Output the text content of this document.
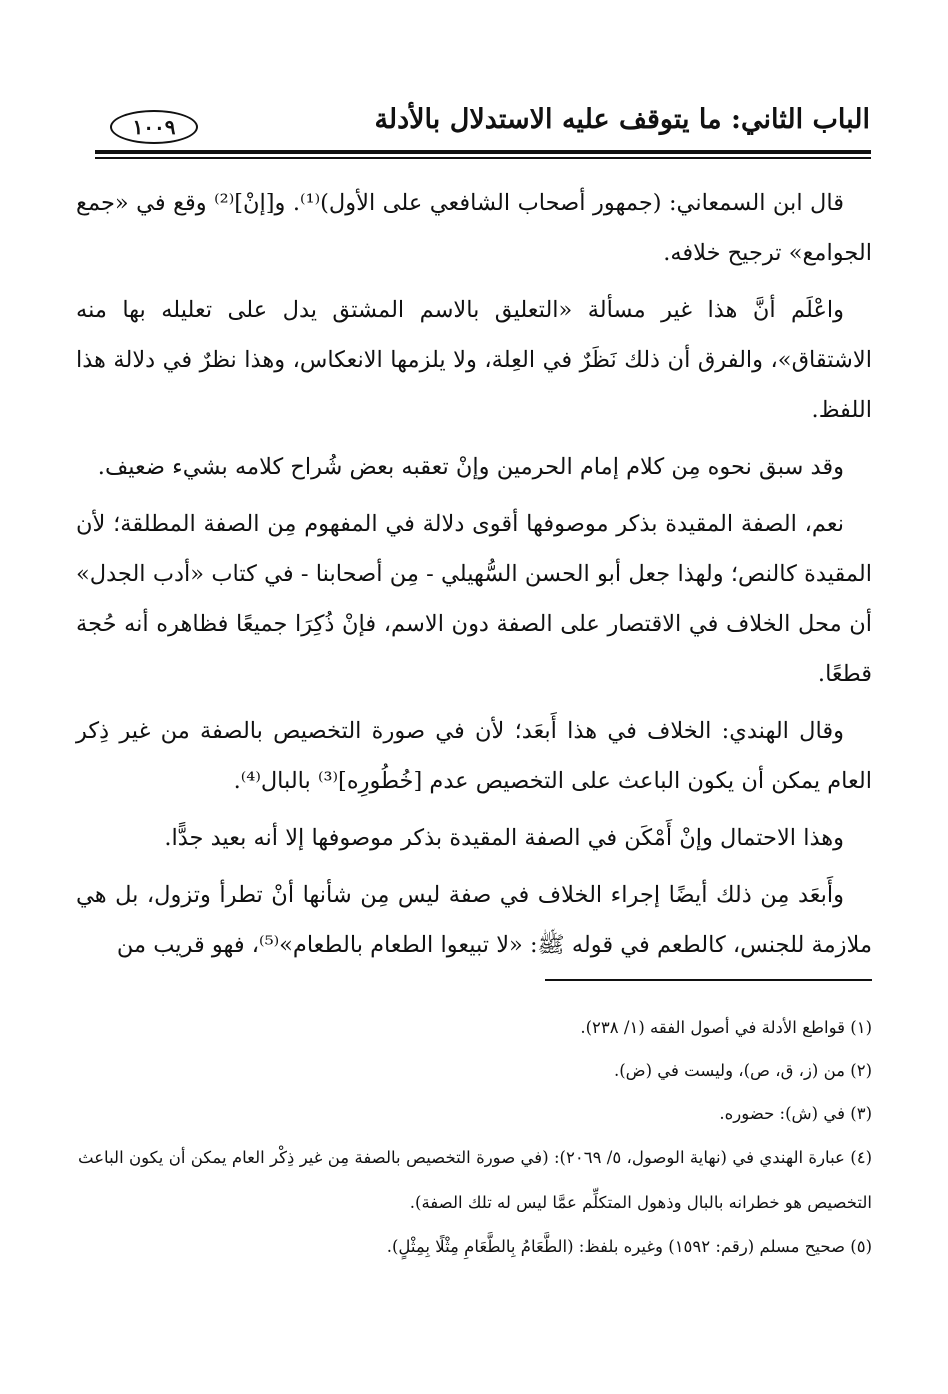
الباب الثاني: ما يتوقف عليه الاستدلال بالأدلة
١٠٠٩

قال ابن السمعاني: (جمهور أصحاب الشافعي على الأول)⁽¹⁾. و[إنْ]⁽²⁾ وقع في «جمع الجوامع» ترجيح خلافه.

واعْلَم أنَّ هذا غير مسألة «التعليق بالاسم المشتق يدل على تعليله بها منه الاشتقاق»، والفرق أن ذلك نَظَرٌ في العِلة، ولا يلزمها الانعكاس، وهذا نظرٌ في دلالة هذا اللفظ.

وقد سبق نحوه مِن كلام إمام الحرمين وإنْ تعقبه بعض شُراح كلامه بشيء ضعيف.

نعم، الصفة المقيدة بذكر موصوفها أقوى دلالة في المفهوم مِن الصفة المطلقة؛ لأن المقيدة كالنص؛ ولهذا جعل أبو الحسن السُّهيلي - مِن أصحابنا - في كتاب «أدب الجدل» أن محل الخلاف في الاقتصار على الصفة دون الاسم، فإنْ ذُكِرَا جميعًا فظاهره أنه حُجة قطعًا.

وقال الهندي: الخلاف في هذا أَبعَد؛ لأن في صورة التخصيص بالصفة من غير ذِكر العام يمكن أن يكون الباعث على التخصيص عدم [خُطُورِه]⁽³⁾ بالبال⁽⁴⁾.

وهذا الاحتمال وإنْ أَمْكَن في الصفة المقيدة بذكر موصوفها إلا أنه بعيد جدًّا.

وأَبعَد مِن ذلك أيضًا إجراء الخلاف في صفة ليس مِن شأنها أنْ تطرأ وتزول، بل هي ملازمة للجنس، كالطعم في قوله ﷺ: «لا تبيعوا الطعام بالطعام»⁽⁵⁾، فهو قريب من

(١) قواطع الأدلة في أصول الفقه (١/ ٢٣٨).

(٢) من (ز، ق، ص)، وليست في (ض).

(٣) في (ش): حضوره.

(٤) عبارة الهندي في (نهاية الوصول، ٥/ ٢٠٦٩): (في صورة التخصيص بالصفة مِن غير ذِكْر العام يمكن أن يكون الباعث التخصيص هو خطرانه بالبال وذهول المتكلِّم عمَّا ليس له تلك الصفة).

(٥) صحيح مسلم (رقم: ١٥٩٢) وغيره بلفظ: (الطَّعَامُ بِالطَّعَامِ مِثْلًا بِمِثْلٍ).
